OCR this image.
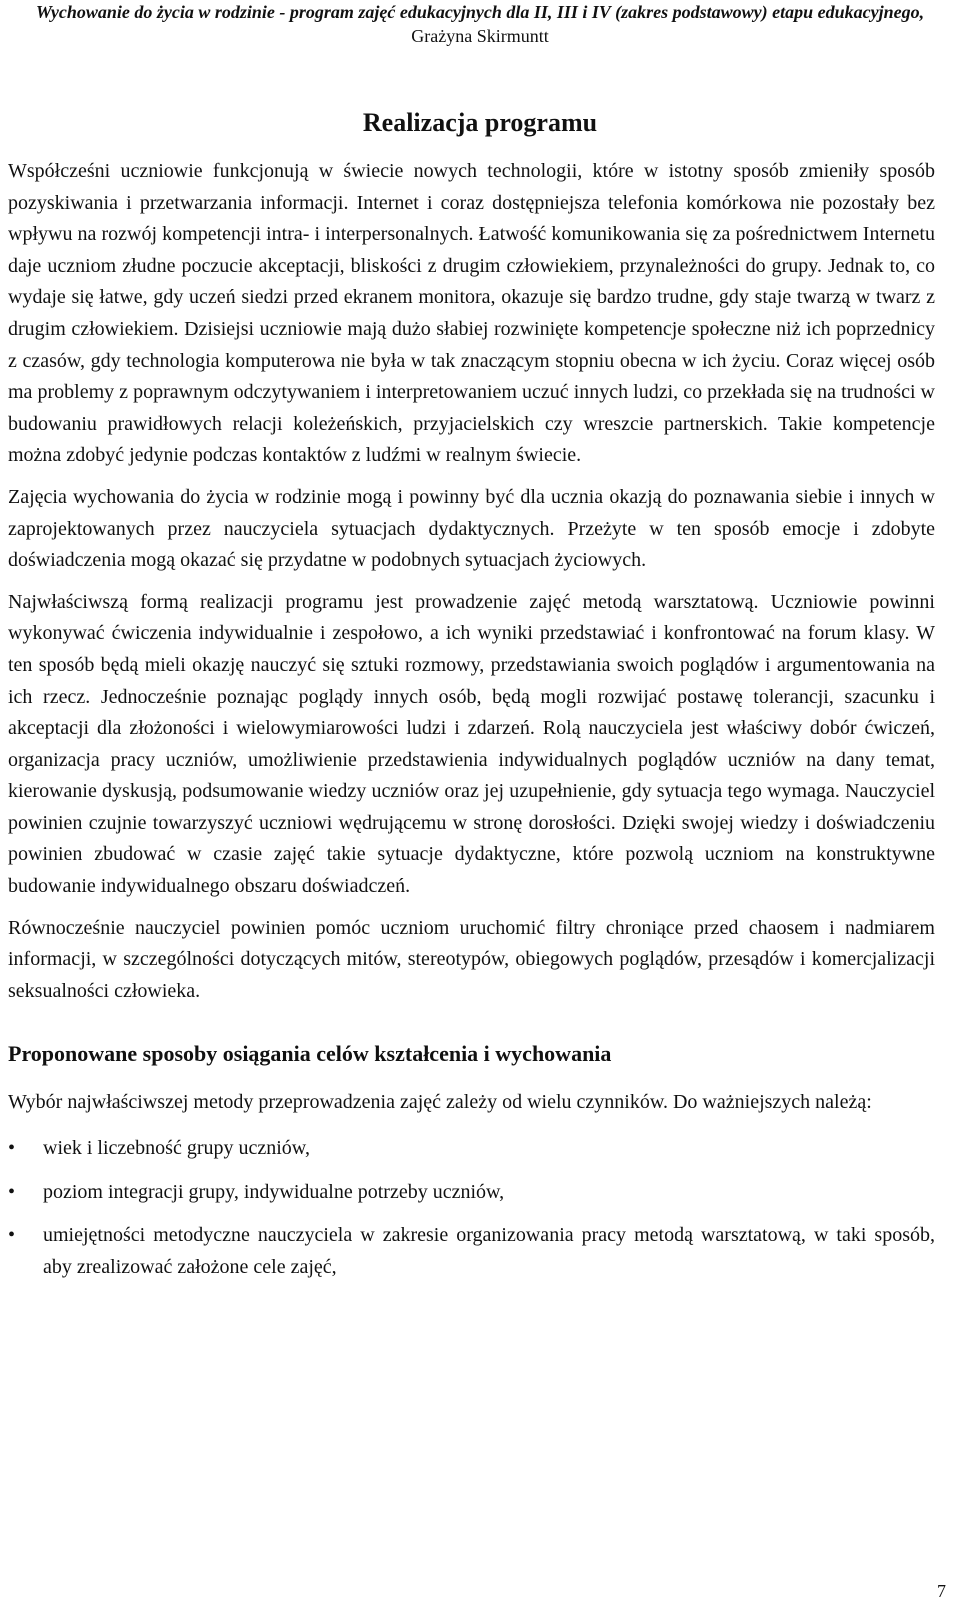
Wychowanie do życia w rodzinie - program zajęć edukacyjnych dla II, III i IV (zakres podstawowy) etapu edukacyjnego, Grażyna Skirmuntt
Realizacja programu

Współcześni uczniowie funkcjonują w świecie nowych technologii, które w istotny sposób zmieniły sposób pozyskiwania i przetwarzania informacji. Internet i coraz dostępniejsza telefonia komórkowa nie pozostały bez wpływu na rozwój kompetencji intra- i interpersonalnych. Łatwość komunikowania się za pośrednictwem Internetu daje uczniom złudne poczucie akceptacji, bliskości z drugim człowiekiem, przynależności do grupy. Jednak to, co wydaje się łatwe, gdy uczeń siedzi przed ekranem monitora, okazuje się bardzo trudne, gdy staje twarzą w twarz z drugim człowiekiem. Dzisiejsi uczniowie mają dużo słabiej rozwinięte kompetencje społeczne niż ich poprzednicy z czasów, gdy technologia komputerowa nie była w tak znaczącym stopniu obecna w ich życiu. Coraz więcej osób ma problemy z poprawnym odczytywaniem i interpretowaniem uczuć innych ludzi, co przekłada się na trudności w budowaniu prawidłowych relacji koleżeńskich, przyjacielskich czy wreszcie partnerskich. Takie kompetencje można zdobyć jedynie podczas kontaktów z ludźmi w realnym świecie.

Zajęcia wychowania do życia w rodzinie mogą i powinny być dla ucznia okazją do poznawania siebie i innych w zaprojektowanych przez nauczyciela sytuacjach dydaktycznych. Przeżyte w ten sposób emocje i zdobyte doświadczenia mogą okazać się przydatne w podobnych sytuacjach życiowych.

Najwłaściwszą formą realizacji programu jest prowadzenie zajęć metodą warsztatową. Uczniowie powinni wykonywać ćwiczenia indywidualnie i zespołowo, a ich wyniki przedstawiać i konfrontować na forum klasy. W ten sposób będą mieli okazję nauczyć się sztuki rozmowy, przedstawiania swoich poglądów i argumentowania na ich rzecz. Jednocześnie poznając poglądy innych osób, będą mogli rozwijać postawę tolerancji, szacunku i akceptacji dla złożoności i wielowymiarowości ludzi i zdarzeń. Rolą nauczyciela jest właściwy dobór ćwiczeń, organizacja pracy uczniów, umożliwienie przedstawienia indywidualnych poglądów uczniów na dany temat, kierowanie dyskusją, podsumowanie wiedzy uczniów oraz jej uzupełnienie, gdy sytuacja tego wymaga. Nauczyciel powinien czujnie towarzyszyć uczniowi wędrującemu w stronę dorosłości. Dzięki swojej wiedzy i doświadczeniu powinien zbudować w czasie zajęć takie sytuacje dydaktyczne, które pozwolą uczniom na konstruktywne budowanie indywidualnego obszaru doświadczeń.

Równocześnie nauczyciel powinien pomóc uczniom uruchomić filtry chroniące przed chaosem i nadmiarem informacji, w szczególności dotyczących mitów, stereotypów, obiegowych poglądów, przesądów i komercjalizacji seksualności człowieka.

Proponowane sposoby osiągania celów kształcenia i wychowania

Wybór najwłaściwszej metody przeprowadzenia zajęć zależy od wielu czynników. Do ważniejszych należą:

•	wiek i liczebność grupy uczniów,
•	poziom integracji grupy, indywidualne potrzeby uczniów,
•	umiejętności metodyczne nauczyciela w zakresie organizowania pracy metodą warsztatową, w taki sposób, aby zrealizować założone cele zajęć,
7
